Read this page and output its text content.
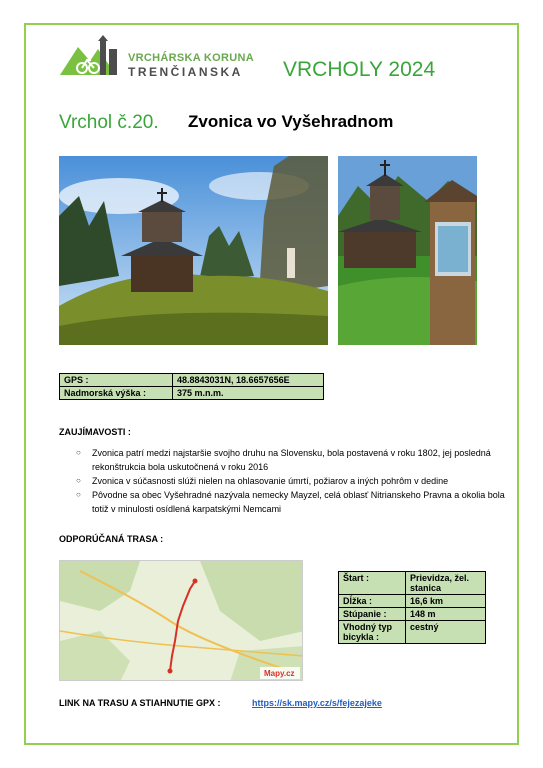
VRCHÁRSKA KORUNA
TRENČIANSKA VRCHOLY 2024
Vrchol č.20. Zvonica vo Vyšehradnom
GPS :	48.8843031N, 18.6657656E
Nadmorská výška :	375 m.n.m.
ZAUJÍMAVOSTI :
○ Zvonica patrí medzi najstaršie svojho druhu na Slovensku, bola postavená v roku 1802, jej posledná rekonštrukcia bola uskutočnená v roku 2016
○ Zvonica v súčasnosti slúži nielen na ohlasovanie úmrtí, požiarov a iných pohrôm v dedine
○ Pôvodne sa obec Vyšehradné nazývala nemecky Mayzel, celá oblasť Nitrianskeho Pravna a okolia bola totiž v minulosti osídlená karpatskými Nemcami
ODPORÚČANÁ TRASA :
Mapy.cz
Štart :	Prievidza, žel. stanica
Dĺžka :	16,6 km
Stúpanie :	148 m
Vhodný typ bicykla :	cestný
LINK NA TRASU A STIAHNUTIE GPX :	https://sk.mapy.cz/s/fejezajeke
